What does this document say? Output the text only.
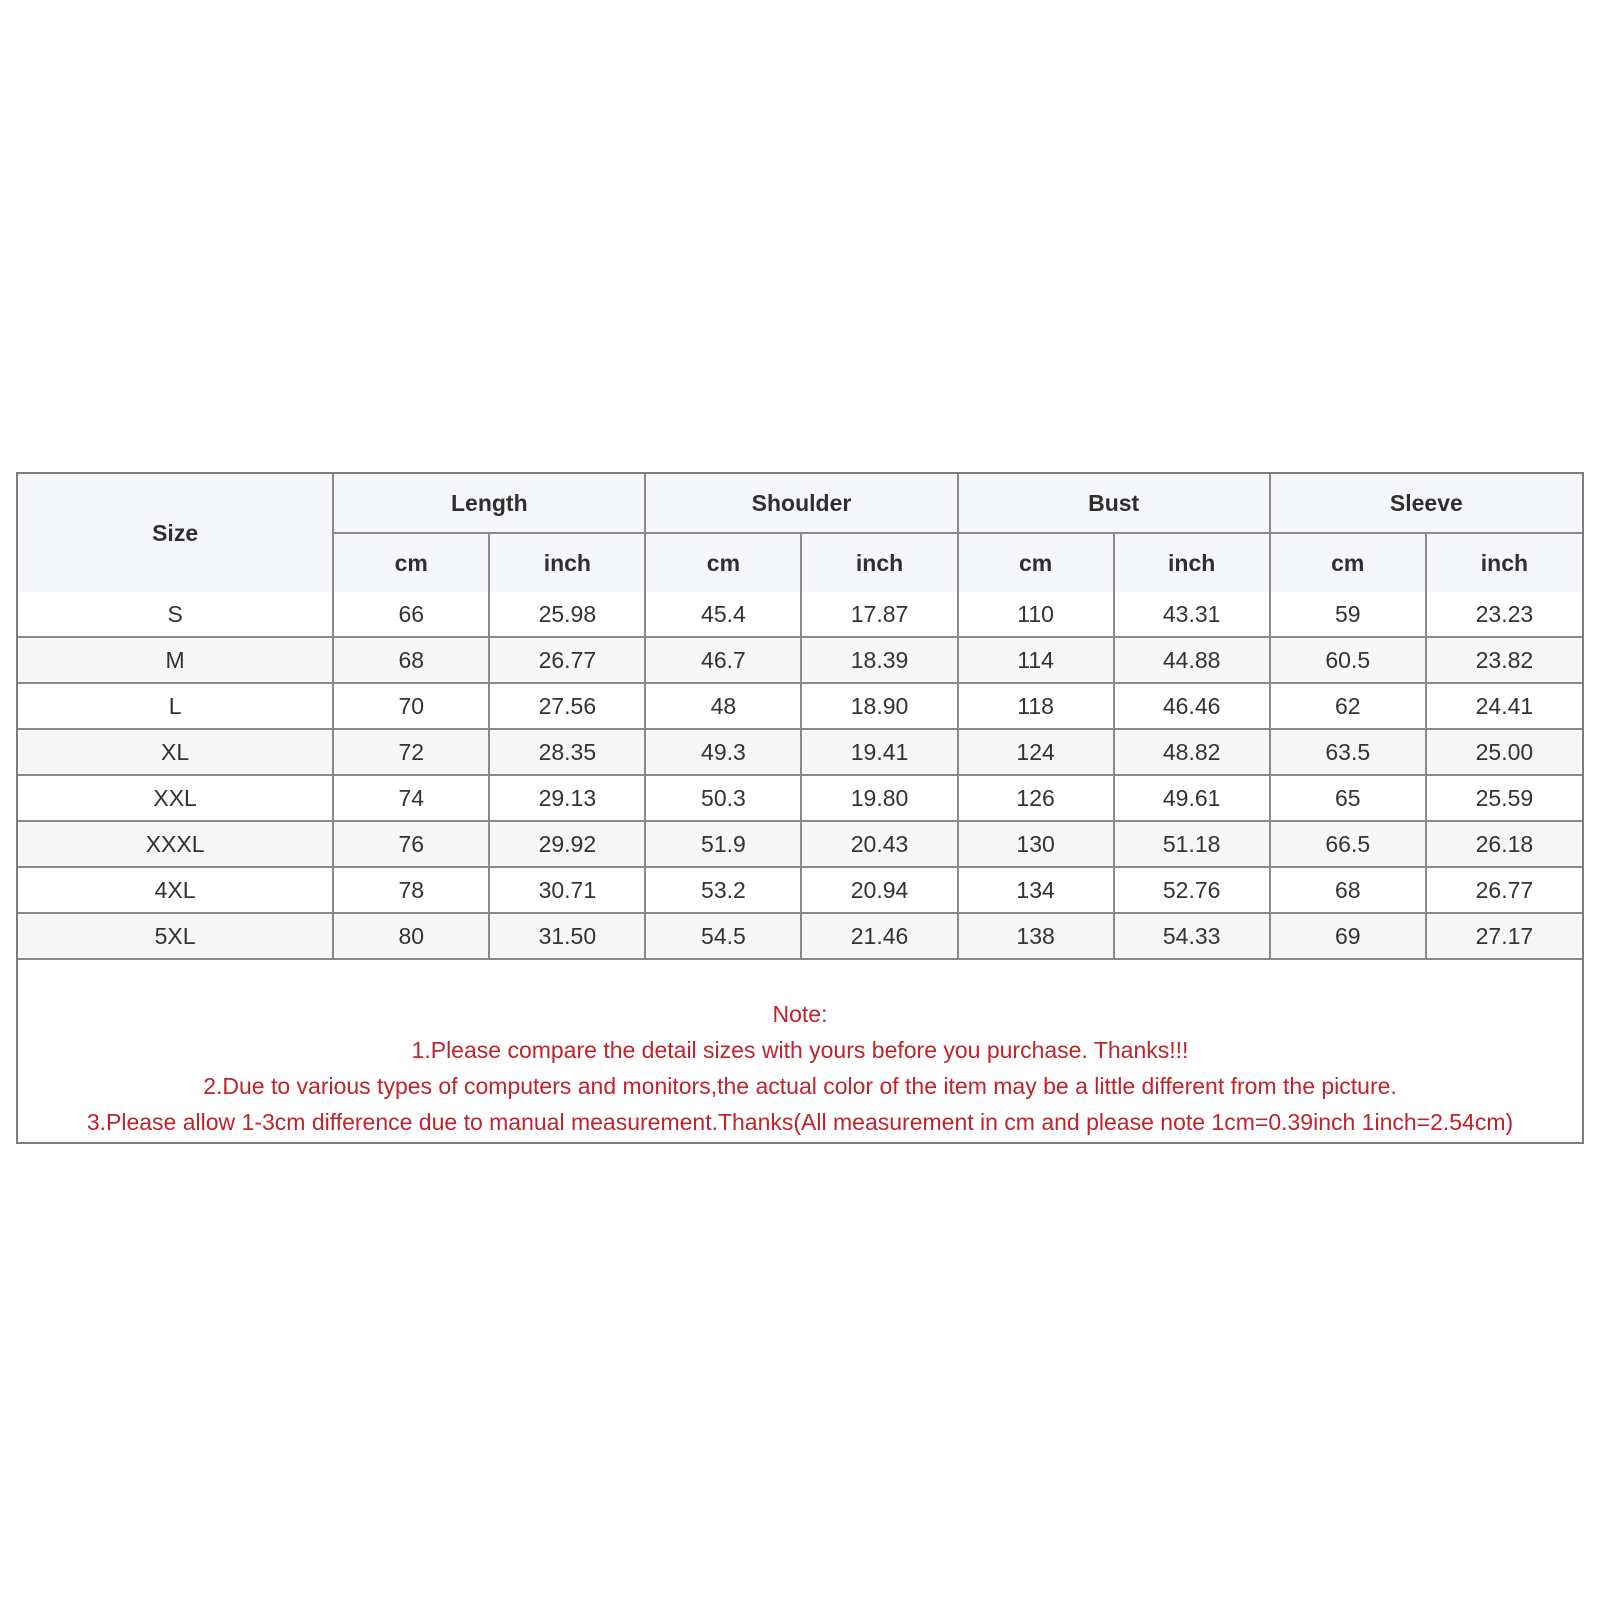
Size	Length		Shoulder		Bust		Sleeve	
	cm	inch	cm	inch	cm	inch	cm	inch
S	66	25.98	45.4	17.87	110	43.31	59	23.23
M	68	26.77	46.7	18.39	114	44.88	60.5	23.82
L	70	27.56	48	18.90	118	46.46	62	24.41
XL	72	28.35	49.3	19.41	124	48.82	63.5	25.00
XXL	74	29.13	50.3	19.80	126	49.61	65	25.59
XXXL	76	29.92	51.9	20.43	130	51.18	66.5	26.18
4XL	78	30.71	53.2	20.94	134	52.76	68	26.77
5XL	80	31.50	54.5	21.46	138	54.33	69	27.17
Note:
1.Please compare the detail sizes with yours before you purchase. Thanks!!!
2.Due to various types of computers and monitors,the actual color of the item may be a little different from the picture.
3.Please allow 1-3cm difference due to manual measurement.Thanks(All measurement in cm and please note 1cm=0.39inch 1inch=2.54cm)
